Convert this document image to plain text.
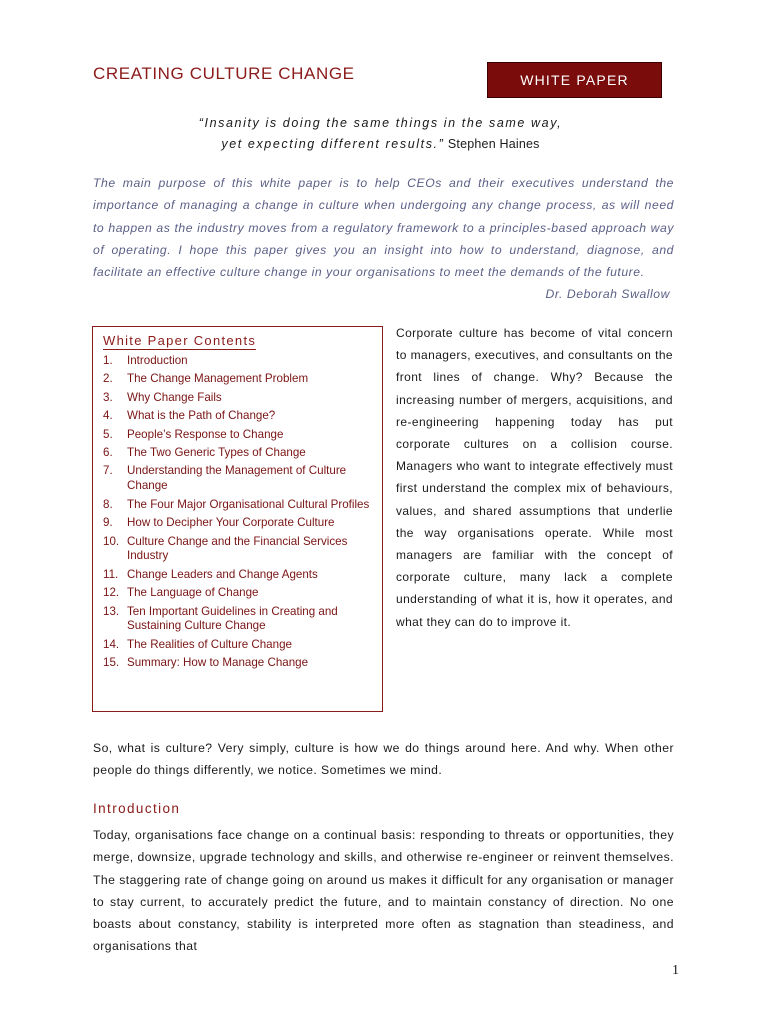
CREATING CULTURE CHANGE	WHITE PAPER
“Insanity is doing the same things in the same way,
yet expecting different results.” Stephen Haines
The main purpose of this white paper is to help CEOs and their executives understand the importance of managing a change in culture when undergoing any change process, as will need to happen as the industry moves from a regulatory framework to a principles-based approach way of operating. I hope this paper gives you an insight into how to understand, diagnose, and facilitate an effective culture change in your organisations to meet the demands of the future.
Dr. Deborah Swallow
White Paper Contents
1.	Introduction
2.	The Change Management Problem
3.	Why Change Fails
4.	What is the Path of Change?
5.	People’s Response to Change
6.	The Two Generic Types of Change
7.	Understanding the Management of Culture Change
8.	The Four Major Organisational Cultural Profiles
9.	How to Decipher Your Corporate Culture
10. Culture Change and the Financial Services Industry
11. Change Leaders and Change Agents
12. The Language of Change
13. Ten Important Guidelines in Creating and Sustaining Culture Change
14. The Realities of Culture Change
15. Summary: How to Manage Change
Corporate culture has become of vital concern to managers, executives, and consultants on the front lines of change. Why? Because the increasing number of mergers, acquisitions, and re-engineering happening today has put corporate cultures on a collision course. Managers who want to integrate effectively must first understand the complex mix of behaviours, values, and shared assumptions that underlie the way organisations operate. While most managers are familiar with the concept of corporate culture, many lack a complete understanding of what it is, how it operates, and what they can do to improve it.
So, what is culture? Very simply, culture is how we do things around here. And why. When other people do things differently, we notice. Sometimes we mind.
Introduction
Today, organisations face change on a continual basis: responding to threats or opportunities, they merge, downsize, upgrade technology and skills, and otherwise re-engineer or reinvent themselves. The staggering rate of change going on around us makes it difficult for any organisation or manager to stay current, to accurately predict the future, and to maintain constancy of direction. No one boasts about constancy, stability is interpreted more often as stagnation than steadiness, and organisations that
1
